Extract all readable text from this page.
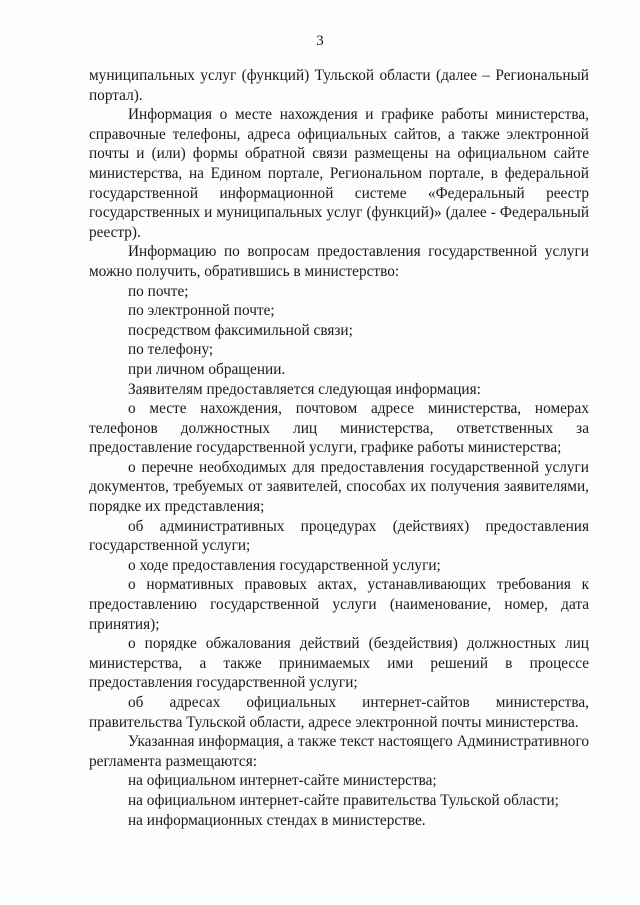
3

муниципальных услуг (функций) Тульской области (далее – Региональный портал).

Информация о месте нахождения и графике работы министерства, справочные телефоны, адреса официальных сайтов, а также электронной почты и (или) формы обратной связи размещены на официальном сайте министерства, на Едином портале, Региональном портале, в федеральной государственной информационной системе «Федеральный реестр государственных и муниципальных услуг (функций)» (далее - Федеральный реестр).

Информацию по вопросам предоставления государственной услуги можно получить, обратившись в министерство:

по почте;

по электронной почте;

посредством факсимильной связи;

по телефону;

при личном обращении.

Заявителям предоставляется следующая информация:

о месте нахождения, почтовом адресе министерства, номерах телефонов должностных лиц министерства, ответственных за предоставление государственной услуги, графике работы министерства;

о перечне необходимых для предоставления государственной услуги документов, требуемых от заявителей, способах их получения заявителями, порядке их представления;

об административных процедурах (действиях) предоставления государственной услуги;

о ходе предоставления государственной услуги;

о нормативных правовых актах, устанавливающих требования к предоставлению государственной услуги (наименование, номер, дата принятия);

о порядке обжалования действий (бездействия) должностных лиц министерства, а также принимаемых ими решений в процессе предоставления государственной услуги;

об адресах официальных интернет-сайтов министерства, правительства Тульской области, адресе электронной почты министерства.

Указанная информация, а также текст настоящего Административного регламента размещаются:

на официальном интернет-сайте министерства;

на официальном интернет-сайте правительства Тульской области;

на информационных стендах в министерстве.
